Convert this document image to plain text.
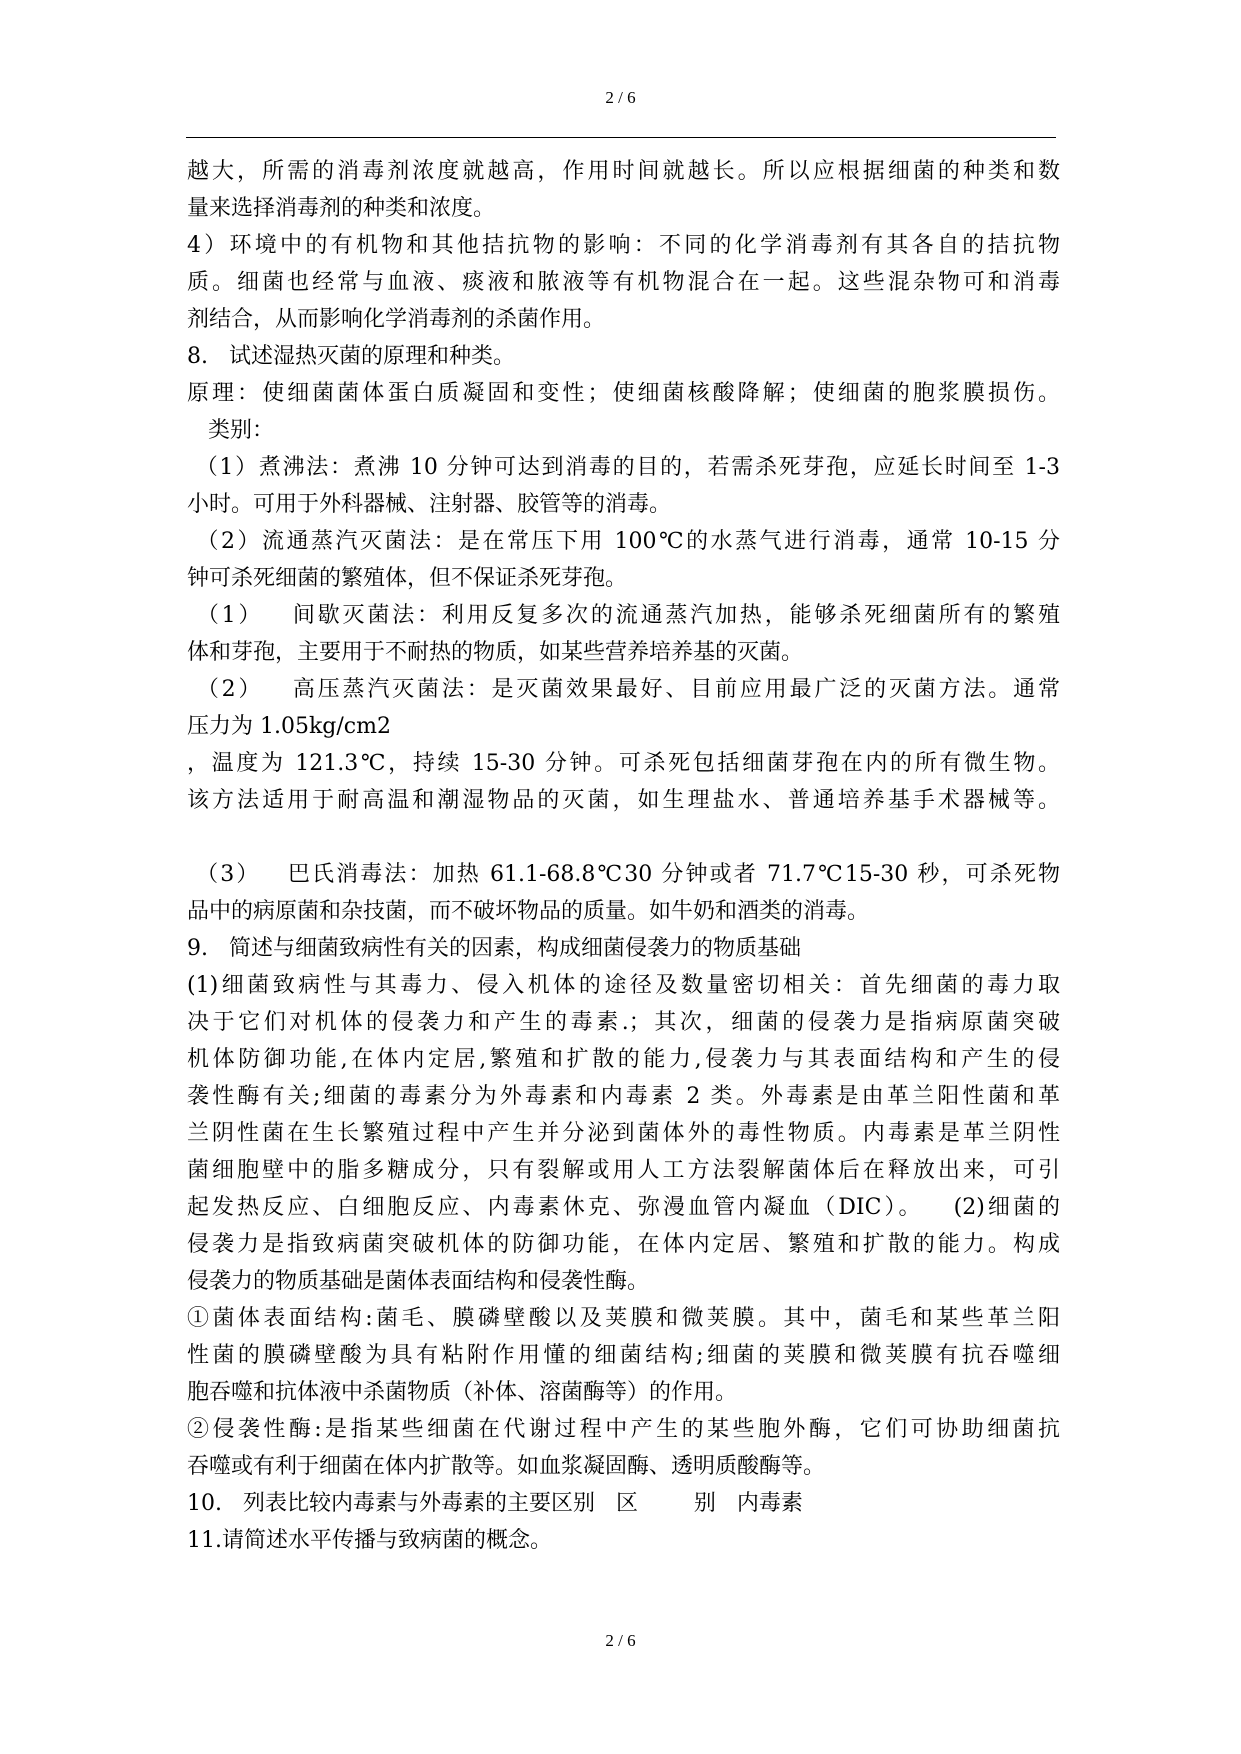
2 / 6
越大，所需的消毒剂浓度就越高，作用时间就越长。所以应根据细菌的种类和数
量来选择消毒剂的种类和浓度。
4）环境中的有机物和其他拮抗物的影响：不同的化学消毒剂有其各自的拮抗物
质。细菌也经常与血液、痰液和脓液等有机物混合在一起。这些混杂物可和消毒
剂结合，从而影响化学消毒剂的杀菌作用。
8.   试述湿热灭菌的原理和种类。
原理：使细菌菌体蛋白质凝固和变性；使细菌核酸降解；使细菌的胞浆膜损伤。
类别：
（1）煮沸法：煮沸 10 分钟可达到消毒的目的，若需杀死芽孢，应延长时间至 1-3
小时。可用于外科器械、注射器、胶管等的消毒。
（2）流通蒸汽灭菌法：是在常压下用 100℃的水蒸气进行消毒，通常 10-15 分
钟可杀死细菌的繁殖体，但不保证杀死芽孢。
（1）   间歇灭菌法：利用反复多次的流通蒸汽加热，能够杀死细菌所有的繁殖
体和芽孢，主要用于不耐热的物质，如某些营养培养基的灭菌。
（2）   高压蒸汽灭菌法：是灭菌效果最好、目前应用最广泛的灭菌方法。通常
压力为 1.05kg/cm2
，温度为 121.3℃，持续 15-30 分钟。可杀死包括细菌芽孢在内的所有微生物。
该方法适用于耐高温和潮湿物品的灭菌，如生理盐水、普通培养基手术器械等。
（3）   巴氏消毒法：加热 61.1-68.8℃30 分钟或者 71.7℃15-30 秒，可杀死物
品中的病原菌和杂技菌，而不破坏物品的质量。如牛奶和酒类的消毒。
9.   简述与细菌致病性有关的因素，构成细菌侵袭力的物质基础
(1)细菌致病性与其毒力、侵入机体的途径及数量密切相关：首先细菌的毒力取
决于它们对机体的侵袭力和产生的毒素.；其次，细菌的侵袭力是指病原菌突破
机体防御功能,在体内定居,繁殖和扩散的能力,侵袭力与其表面结构和产生的侵
袭性酶有关;细菌的毒素分为外毒素和内毒素 2 类。外毒素是由革兰阳性菌和革
兰阴性菌在生长繁殖过程中产生并分泌到菌体外的毒性物质。内毒素是革兰阴性
菌细胞壁中的脂多糖成分，只有裂解或用人工方法裂解菌体后在释放出来，可引
起发热反应、白细胞反应、内毒素休克、弥漫血管内凝血（DIC）。   (2)细菌的
侵袭力是指致病菌突破机体的防御功能，在体内定居、繁殖和扩散的能力。构成
侵袭力的物质基础是菌体表面结构和侵袭性酶。
①菌体表面结构:菌毛、膜磷壁酸以及荚膜和微荚膜。其中，菌毛和某些革兰阳
性菌的膜磷壁酸为具有粘附作用懂的细菌结构;细菌的荚膜和微荚膜有抗吞噬细
胞吞噬和抗体液中杀菌物质（补体、溶菌酶等）的作用。
②侵袭性酶:是指某些细菌在代谢过程中产生的某些胞外酶，它们可协助细菌抗
吞噬或有利于细菌在体内扩散等。如血浆凝固酶、透明质酸酶等。
10.   列表比较内毒素与外毒素的主要区别   区        别   内毒素
11.请简述水平传播与致病菌的概念。
2 / 6
